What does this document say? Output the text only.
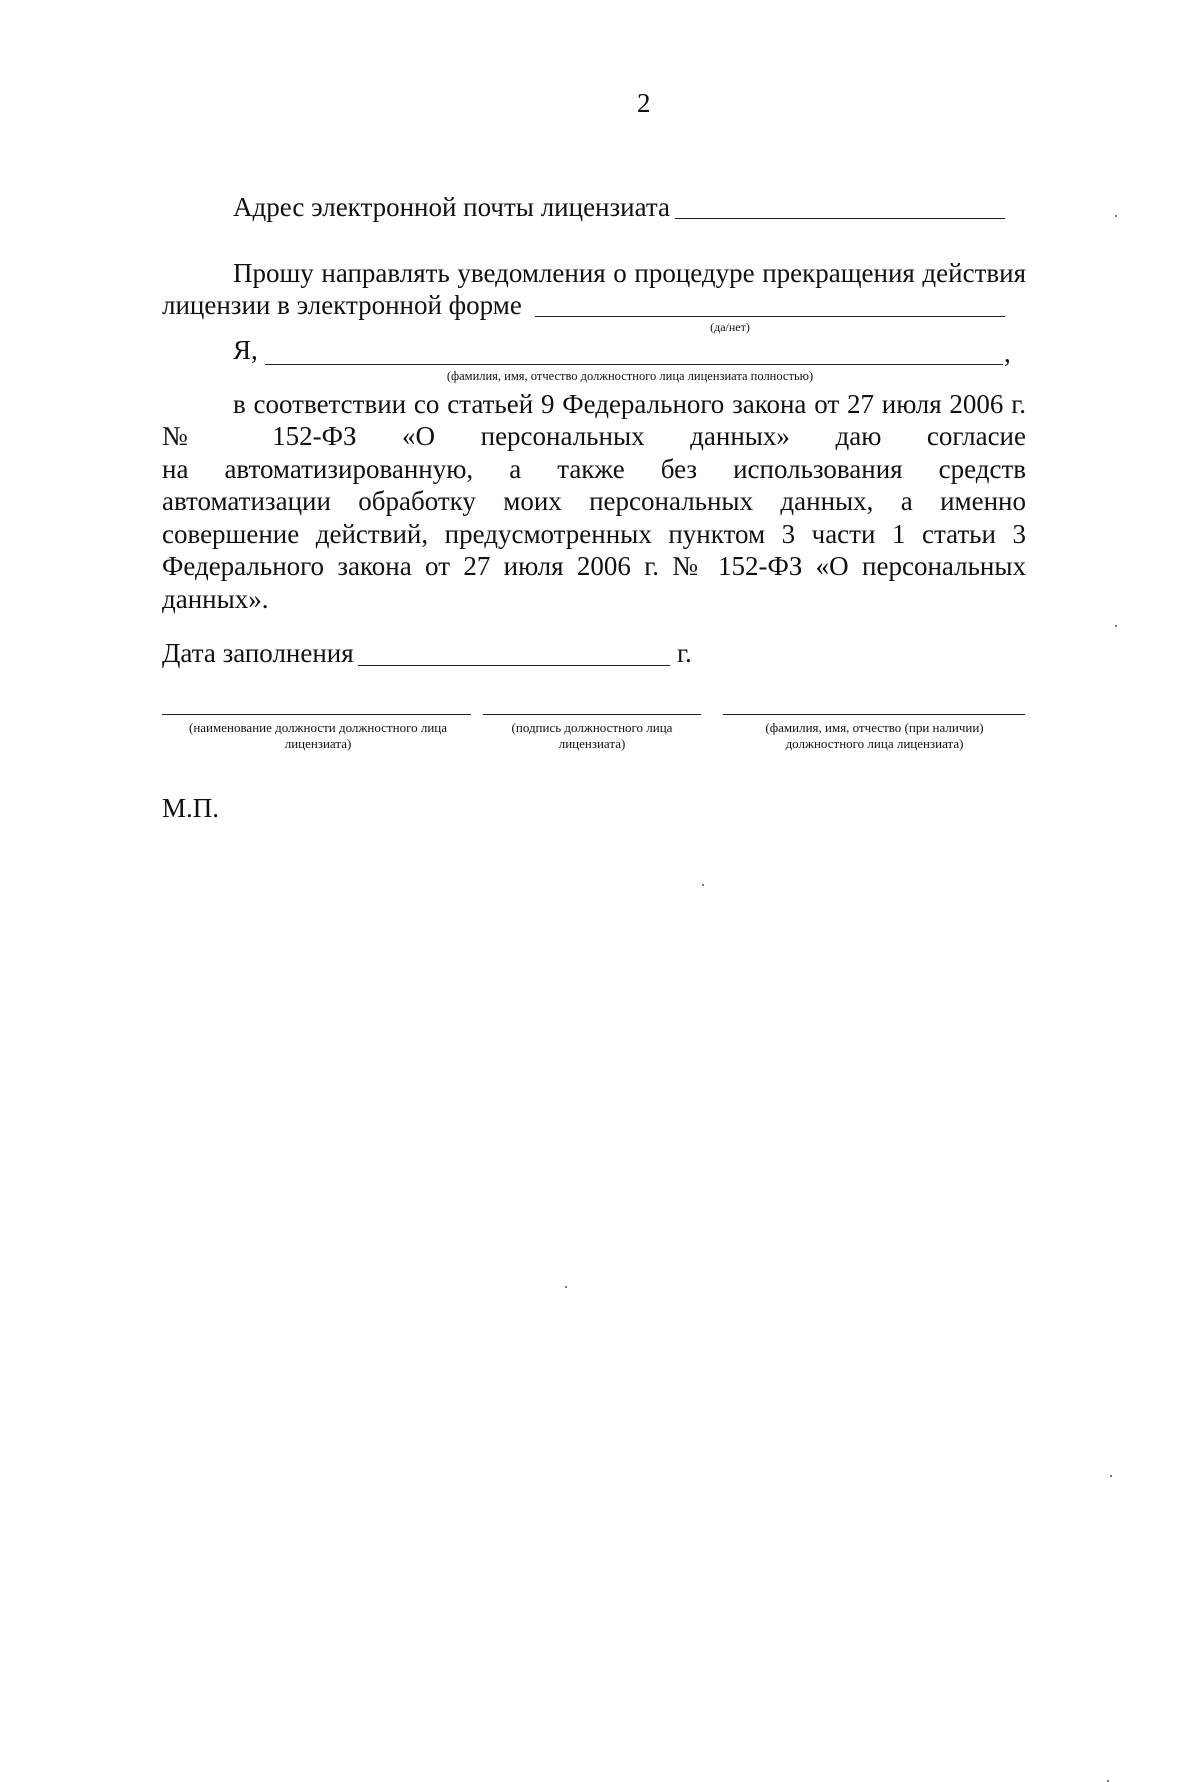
2
Адрес электронной почты лицензиата
Прошу направлять уведомления о процедуре прекращения действия
лицензии в электронной форме
(да/нет)
Я,	,
(фамилия, имя, отчество должностного лица лицензиата полностью)
в соответствии со статьей 9 Федерального закона от 27 июля 2006 г.
№ 152-ФЗ «О персональных данных» даю согласие
на автоматизированную, а также без использования средств
автоматизации обработку моих персональных данных, а именно
совершение действий, предусмотренных пунктом 3 части 1 статьи 3
Федерального закона от 27 июля 2006 г. № 152-ФЗ «О персональных
данных».
Дата заполнения	г.
(наименование должности должностного лица лицензиата)
(подпись должностного лица лицензиата)
(фамилия, имя, отчество (при наличии) должностного лица лицензиата)
М.П.
